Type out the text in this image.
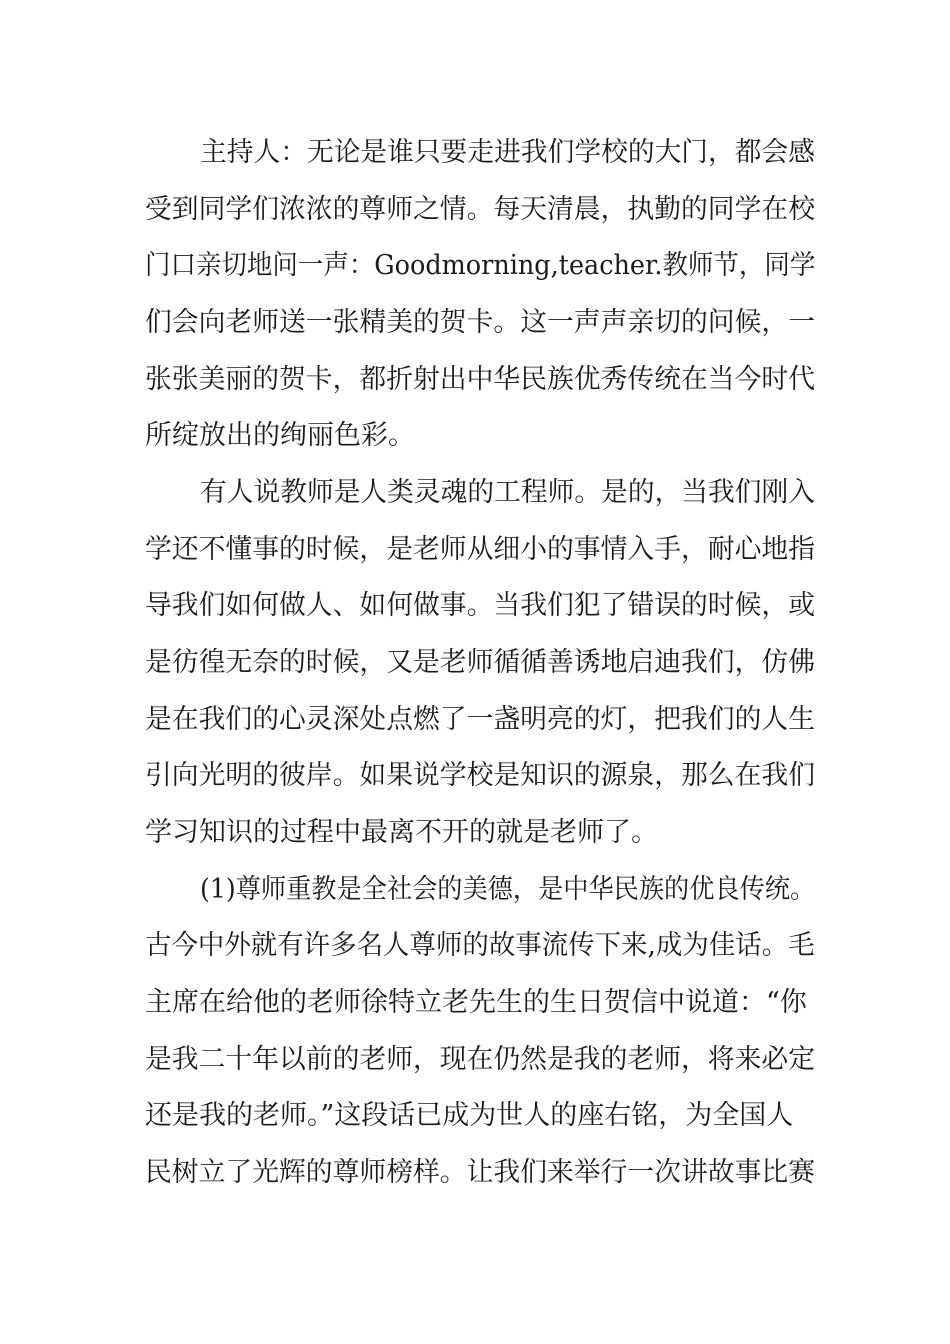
主持人：无论是谁只要走进我们学校的大门，都会感
受到同学们浓浓的尊师之情。每天清晨，执勤的同学在校
门口亲切地问一声：Goodmorning,teacher.教师节，同学
们会向老师送一张精美的贺卡。这一声声亲切的问候，一
张张美丽的贺卡，都折射出中华民族优秀传统在当今时代
所绽放出的绚丽色彩。
有人说教师是人类灵魂的工程师。是的，当我们刚入
学还不懂事的时候，是老师从细小的事情入手，耐心地指
导我们如何做人、如何做事。当我们犯了错误的时候，或
是彷徨无奈的时候，又是老师循循善诱地启迪我们，仿佛
是在我们的心灵深处点燃了一盏明亮的灯，把我们的人生
引向光明的彼岸。如果说学校是知识的源泉，那么在我们
学习知识的过程中最离不开的就是老师了。
(1)尊师重教是全社会的美德，是中华民族的优良传统。
古今中外就有许多名人尊师的故事流传下来,成为佳话。毛
主席在给他的老师徐特立老先生的生日贺信中说道：“你
是我二十年以前的老师，现在仍然是我的老师，将来必定
还是我的老师。”这段话已成为世人的座右铭，为全国人
民树立了光辉的尊师榜样。让我们来举行一次讲故事比赛
